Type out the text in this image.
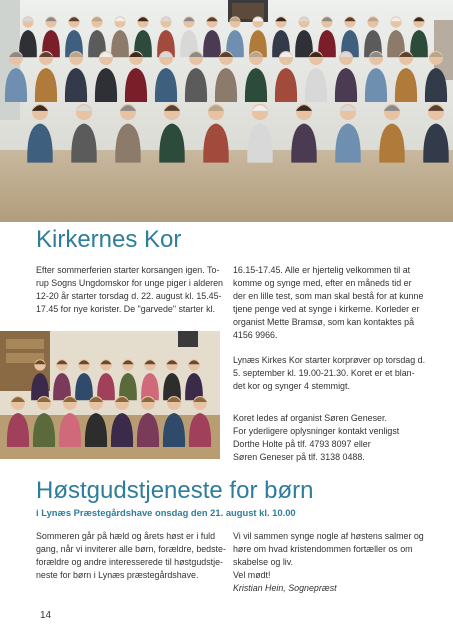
Kirkernes Kor
Efter sommerferien starter korsangen igen. To-
rup Sogns Ungdomskor for unge piger i alderen
12-20 år starter torsdag d. 22. august kl. 15.45-
17.45 for nye korister. De "garvede" starter kl.
16.15-17.45. Alle er hjertelig velkommen til at
komme og synge med, efter en måneds tid er
der en lille test, som man skal bestå for at kunne
tjene penge ved at synge i kirkerne. Korleder er
organist Mette Bramsø, som kan kontaktes på
4156 9966.
Lynæs Kirkes Kor starter korprøver op torsdag d.
5. september kl. 19.00-21.30. Koret er et blan-
det kor og synger 4 stemmigt.
Koret ledes af organist Søren Geneser.
For yderligere oplysninger kontakt venligst
Dorthe Holte på tlf. 4793 8097 eller
Søren Geneser på tlf. 3138 0488.
Høstgudstjeneste for børn
i Lynæs Præstegårdshave onsdag den 21. august kl. 10.00
Sommeren går på hæld og årets høst er i fuld
gang, når vi inviterer alle børn, forældre, bedste-
forældre og andre interesserede til høstgudstje-
neste for børn i Lynæs præstegårdshave.
Vi vil sammen synge nogle af høstens salmer og
høre om hvad kristendommen fortæller os om
skabelse og liv.
Vel mødt!
Kristian Hein, Sognepræst
14
